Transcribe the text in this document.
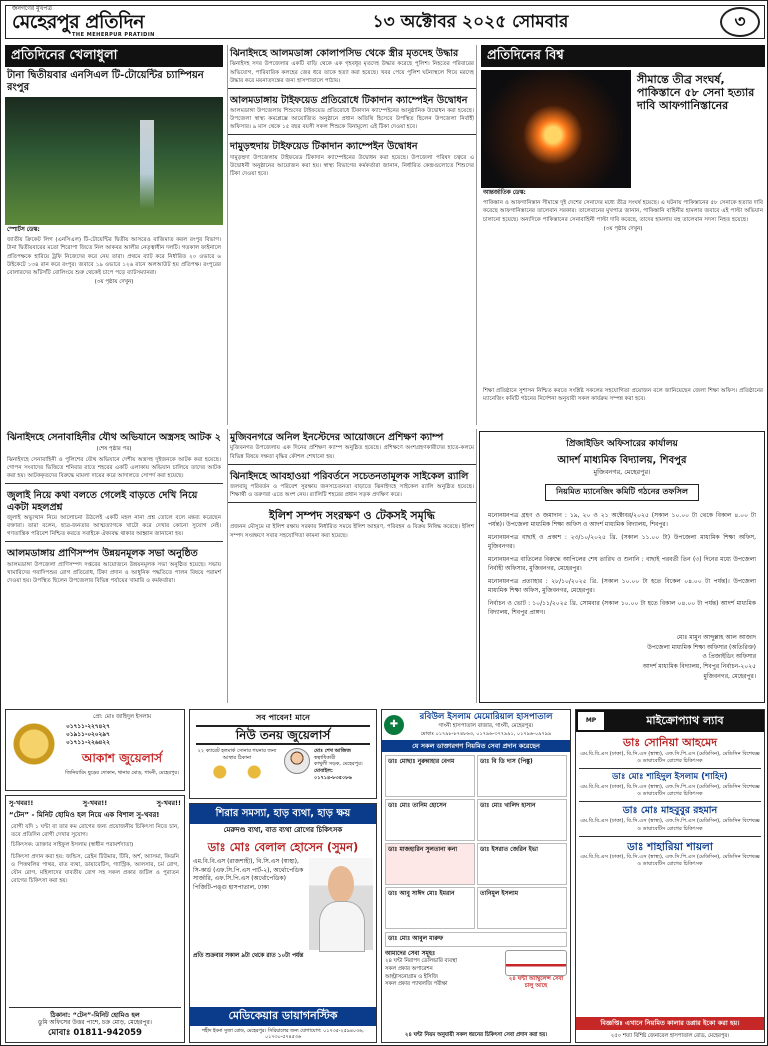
জনগণের মুখপত্র
মেহেরপুর প্রতিদিন
THE MEHERPUR PRATIDIN
১৩ অক্টোবর ২০২৫ সোমবার	৩
প্রতিদিনের খেলাধুলা
টানা দ্বিতীয়বার এনসিএল টি-টোয়েন্টির চ্যাম্পিয়ন রংপুর
স্পোর্টস ডেস্ক:
জাতীয় ক্রিকেট লিগ (এনসিএল) টি-টোয়েন্টির দ্বিতীয় আসরেও বাজিমাত করল রংপুর বিভাগ। টানা দ্বিতীয়বারের মতো শিরোপা জিতে নিল আকবর আলীর নেতৃত্বাধীন দলটি। গতকাল ফাইনালে প্রতিপক্ষকে হারিয়ে ট্রফি নিজেদের করে নেয় তারা। প্রথমে ব্যাট করে নির্ধারিত ২০ ওভারে ৬ উইকেটে ১৩৪ রান করে রংপুর। জবাবে ১৯ ওভারে ১২৬ রানে অলআউট হয় প্রতিপক্ষ। রংপুরের বোলারদের আঁটসাঁট বোলিংয়ে শুরু থেকেই চাপে পড়ে ব্যাটসম্যানরা।
(৩য় পৃষ্ঠায় দেখুন)
ঝিনাইদহে আলমডাঙ্গা কোলাপসিভ থেকে স্ত্রীর মৃতদেহ উদ্ধার
ঝিনাইদহ সদর উপজেলার একটি বাড়ি থেকে এক গৃহবধূর মৃতদেহ উদ্ধার করেছে পুলিশ। নিহতের পরিবারের অভিযোগ, পারিবারিক কলহের জের ধরে তাকে হত্যা করা হয়েছে। খবর পেয়ে পুলিশ ঘটনাস্থলে গিয়ে মরদেহ উদ্ধার করে ময়নাতদন্তের জন্য হাসপাতালে পাঠায়।
আলমডাঙ্গায় টাইফয়েড প্রতিরোধে টিকাদান ক্যাম্পেইন উদ্বোধন
আলমডাঙ্গা উপজেলায় শিশুদের টাইফয়েড প্রতিরোধে টিকাদান ক্যাম্পেইনের আনুষ্ঠানিক উদ্বোধন করা হয়েছে। উপজেলা স্বাস্থ্য কমপ্লেক্সে আয়োজিত অনুষ্ঠানে প্রধান অতিথি হিসেবে উপস্থিত ছিলেন উপজেলা নির্বাহী অফিসার। ৯ মাস থেকে ১৫ বছর বয়সী সকল শিশুকে বিনামূল্যে এই টিকা দেওয়া হবে।
দামুড়হুদায় টাইফয়েড টিকাদান ক্যাম্পেইন উদ্বোধন
দামুড়হুদা উপজেলায় টাইফয়েড টিকাদান ক্যাম্পেইনের উদ্বোধন করা হয়েছে। উপজেলা পরিষদ চত্বরে এ উদ্বোধনী অনুষ্ঠানের আয়োজন করা হয়। স্বাস্থ্য বিভাগের কর্মকর্তারা জানান, নির্ধারিত কেন্দ্রগুলোতে শিশুদের টিকা দেওয়া হবে।
প্রতিদিনের বিশ্ব
সীমান্তে তীব্র সংঘর্ষ, পাকিস্তানে ৫৮ সেনা হত্যার দাবি আফগানিস্তানের
আন্তর্জাতিক ডেস্ক:
পাকিস্তান ও আফগানিস্তান সীমান্তে দুই দেশের সেনাদের মধ্যে তীব্র সংঘর্ষ হয়েছে। এ ঘটনায় পাকিস্তানের ৫৮ সেনাকে হত্যার দাবি করেছে আফগানিস্তানের তালেবান সরকার। তালেবানের মুখপাত্র জানান, পাকিস্তানি বাহিনীর হামলার জবাবে এই পাল্টা অভিযান চালানো হয়েছে। অন্যদিকে পাকিস্তানের সেনাবাহিনী পাল্টা দাবি করেছে, তাদের হামলায় বহু তালেবান সদস্য নিহত হয়েছে।
(৩য় পৃষ্ঠায় দেখুন)
ঝিনাইদহে সেনাবাহিনীর যৌথ অভিযানে অস্ত্রসহ আটক ২
(শেষ পৃষ্ঠার পর)
ঝিনাইদহে সেনাবাহিনী ও পুলিশের যৌথ অভিযানে দেশীয় অস্ত্রসহ দুইজনকে আটক করা হয়েছে। গোপন সংবাদের ভিত্তিতে শনিবার রাতে শহরের একটি এলাকায় অভিযান চালিয়ে তাদের আটক করা হয়। আটককৃতদের বিরুদ্ধে মামলা দায়ের করে আদালতে সোপর্দ করা হয়েছে।
জুলাই নিয়ে কথা বলতে গেলেই বাড়তে দেখি নিয়ে একটা মহলপ্রশ্ন
জুলাই অভ্যুত্থান নিয়ে আলোচনা উঠলেই একটি মহল নানা প্রশ্ন তোলে বলে মন্তব্য করেছেন বক্তারা। তারা বলেন, ছাত্র-জনতার আত্মত্যাগকে খাটো করে দেখার কোনো সুযোগ নেই। গণতান্ত্রিক পরিবেশ নিশ্চিত করতে সবাইকে ঐক্যবদ্ধ থাকার আহ্বান জানানো হয়।
আলমডাঙ্গায় প্রাণিসম্পদ উন্নয়নমূলক সভা অনুষ্ঠিত
আলমডাঙ্গা উপজেলা প্রাণিসম্পদ দপ্তরের আয়োজনে উন্নয়নমূলক সভা অনুষ্ঠিত হয়েছে। সভায় খামারিদের গবাদিপশুর রোগ প্রতিরোধ, টিকা প্রদান ও আধুনিক পদ্ধতিতে পালন বিষয়ে পরামর্শ দেওয়া হয়। উপস্থিত ছিলেন উপজেলার বিভিন্ন পর্যায়ের খামারি ও কর্মকর্তারা।
মুজিবনগরে অনিল ইনস্টেদের আয়োজনে প্রশিক্ষণ ক্যাম্প
মুজিবনগর উপজেলায় এক দিনের প্রশিক্ষণ ক্যাম্প অনুষ্ঠিত হয়েছে। প্রশিক্ষণে অংশগ্রহণকারীদের হাতে-কলমে বিভিন্ন বিষয়ে দক্ষতা বৃদ্ধির কৌশল শেখানো হয়।
ঝিনাইদহে আবহাওয়া পরিবর্তনে সচেতনতামূলক সাইকেল র‍্যালি
জলবায়ু পরিবর্তন ও পরিবেশ সুরক্ষায় জনসচেতনতা বাড়াতে ঝিনাইদহে সাইকেল র‍্যালি অনুষ্ঠিত হয়েছে। শিক্ষার্থী ও তরুণরা এতে অংশ নেয়। র‍্যালিটি শহরের প্রধান সড়ক প্রদক্ষিণ করে।
ইলিশ সম্পদ সংরক্ষণ ও টেকসই সমৃদ্ধি
প্রজনন মৌসুমে মা ইলিশ রক্ষায় সরকার নির্ধারিত সময়ে ইলিশ আহরণ, পরিবহন ও বিক্রয় নিষিদ্ধ করেছে। ইলিশ সম্পদ সংরক্ষণে সবার সহযোগিতা কামনা করা হয়েছে।
শিক্ষা প্রতিষ্ঠানে সুশাসন নিশ্চিত করতে সংশ্লিষ্ট সকলের সহযোগিতা প্রয়োজন বলে জানিয়েছেন জেলা শিক্ষা অফিস। প্রতিষ্ঠানের ম্যানেজিং কমিটি গঠনের নির্দেশনা অনুযায়ী সকল কার্যক্রম সম্পন্ন করা হবে।
প্রিজাইডিং অফিসারের কার্যালয়
আদর্শ মাধ্যমিক বিদ্যালয়, শিবপুর
মুজিবনগর, মেহেরপুর।
নিয়মিত ম্যানেজিং কমিটি গঠনের তফসিল
মনোনয়নপত্র গ্রহণ ও জমাদান : ১৯, ২০ ও ২১ অক্টোবর/২০২৫ (সকাল ১০.০০ টা থেকে বিকাল ৪.০০ টা পর্যন্ত)। উপজেলা মাধ্যমিক শিক্ষা অফিস ও আদর্শ মাধ্যমিক বিদ্যালয়, শিবপুর।
মনোনয়নপত্র বাছাই ও প্রকাশ : ২৩/১০/২০২৫ খ্রি. (সকাল ১১.০০ টা) উপজেলা মাধ্যমিক শিক্ষা অফিস, মুজিবনগর।
মনোনয়নপত্র বাতিলের বিরুদ্ধে আপিলের শেষ তারিখ ও শুনানি : বাছাই পরবর্তী তিন (৩) দিনের মধ্যে উপজেলা নির্বাহী অফিসার, মুজিবনগর, মেহেরপুর।
মনোনয়নপত্র প্রত্যাহার : ২৮/১০/২০২৫ খ্রি. (সকাল ১০.০০ টা হতে বিকেল ০৪.০০ টা পর্যন্ত)। উপজেলা মাধ্যমিক শিক্ষা অফিস, মুজিবনগর, মেহেরপুর।
নির্বাচন ও ভোট : ১০/১১/২০২৫ খ্রি. সোমবার (সকাল ১০.০০ টা হতে বিকাল ০৪.০০ টা পর্যন্ত) আদর্শ মাধ্যমিক বিদ্যালয়, শিবপুর প্রাঙ্গণ।
মোঃ মামুন আব্দুল্লাহ আল আজাদ
উপজেলা মাধ্যমিক শিক্ষা অফিসার (অতিরিক্ত)
ও প্রিজাইডিং অফিসার
আদর্শ মাধ্যমিক বিদ্যালয়, শিবপুর নির্বাচন-২০২৫
মুজিবনগর, মেহেরপুর।
প্রো: মোঃ জাহিদুল ইসলাম
০১৭১১-২২৭৪২৭
০১৯১১-০২০২৯৭
০১৭১১-২২৬৪২২
আকাশ জুয়েলার্স
জিনিয়ারিং ছুড়ের দোকান, থানার মোড়, গাংনী, মেহেরপুর।
সু-খবর!!	সু-খবর!!	সু-খবর!!
“টেন” - মিনিট হোমিও হল নিয়ে এক বিশাল সু-খবর!
রোগী যদি ১ ঘন্টা বা তার কম রোগের জন্য প্রয়োজনীয় চিকিৎসা নিতে চান, তবে প্রতিদিন রোগী দেখার সুযোগ।
চিকিৎসক: ডাক্তার সাইফুল ইসলাম (স্বাধীন পরামর্শদাতা)
চিকিৎসা প্রদান করা হয়: জন্ডিস, ব্রেইন টিউমার, টিবি, অর্শ, অ্যাসমা, কিডনি ও পিত্তথলির পাথর, বাত ব্যথা, ডায়াবেটিস, গ্যাস্ট্রিক, আলসার, চর্ম রোগ, যৌন রোগ, মহিলাদের যাবতীয় রোগ সহ সকল প্রকার জটিল ও পুরাতন রোগের চিকিৎসা করা হয়।
ঠিকানা: “টেন”-মিনিট হোমিও হল
ডুমি অফিসের উত্তর পাশে, চক্র মোড়, মেহেরপুর।
মোবাঃ 01811-942059
সব পাবেন! মানে
নিউ তনয় জুয়েলার্স
২২ ক্যারেট হলমার্ক সোনার গয়নার জন্য আস্থার ঠিকানা
মোঃ শেখ আজিজ
স্বত্বাধিকারী
কাথুলী সড়ক, মেহেরপুর।
মোবাইল: ০১৭১৪-৮৩৫০৮৬
শিরার সমস্যা, হাড় ব্যথা, হাড় ক্ষয়
মেরুদণ্ড ব্যথা, বাত ব্যথা রোগের চিকিৎসক
ডাঃ মোঃ বেলাল হোসেন (সুমন)
এম.বি.বি.এস (রাজশাহী), বি.সি.এস (স্বাস্থ্য), সি-কার্ড (এফ.সি.পি.এস পার্ট-২), অর্থোপেডিক সার্জারি, এফ.সি.পি.এস (অর্থোপেডিক) পিজিটি-পঙ্গু হাসপাতাল, ঢাকা
প্রতি শুক্রবার সকাল ৯টা থেকে রাত ১০টা পর্যন্ত
মেডিকেয়ার ডায়াগনস্টিক
শহীদ ইবনা সুজা রোড, মেহেরপুর। সিরিয়ালের জন্য যোগাযোগ: ০১৭৩৫-২৫৯৪০৩৬, ০১৭৩০-৫৭৪৫৩৬
✚
রবিউল ইসলাম মেমোরিয়াল হাসপাতাল
গাংনী হাসপাতাল বাজার, গাংনী, মেহেরপুর।
মোবাঃ ০১৭৯৮-৮৭৪৮৬৩, ০১৭৯৬-৩৭৭৯৯১, ০১৭৯৬-০৯৭৯৯
যে সকল ডাক্তারগণ নিয়মিত সেবা প্রদান করেছেন
ডাঃ মোছাঃ নুরুন্নাহার বেগম	ডাঃ বি ডি দাস (পিঙ্কু)
ডাঃ মোঃ তানিম হোসেন	ডাঃ মোঃ খালিদ হাসান
ডাঃ মাজহারিন সুলতানা কনা	ডাঃ ইসরাত জেরিন ইভা
ডাঃ আবু সাঈদ মোঃ ইমরান	তানিমুল ইসলাম
ডাঃ মোঃ আবুল মারুফ
আমাদের সেবা সমূহঃ
২৪ ঘন্টা নিরাপদ ডেলিভারি ব্যবস্থা
সকল প্রকার অপারেশন
আল্ট্রাসনোগ্রাম ও ইসিজি
সকল প্রকার প্যাথলজি পরীক্ষা
২৪ ঘন্টা অ্যাম্বুলেন্স সেবা চালু আছে
২৪ ঘন্টা নিয়ম অনুযায়ী সকল ধরনের চিকিৎসা সেবা প্রদান করা হয়।
MP	মাইক্রোপ্যাথ ল্যাব
ডাঃ সোনিয়া আহমেদ
এম.বি.বি.এস (ঢাকা), বি.সি.এস (স্বাস্থ্য), এফ.সি.পি.এস (মেডিসিন), মেডিসিন বিশেষজ্ঞ ও ডায়াবেটিস রোগের চিকিৎসক
ডাঃ মোঃ শাহিদুল ইসলাম (শাহিদ)
এম.বি.বি.এস (ঢাকা), বি.সি.এস (স্বাস্থ্য), এফ.সি.পি.এস (মেডিসিন), মেডিসিন বিশেষজ্ঞ ও ডায়াবেটিস রোগের চিকিৎসক
ডাঃ মোঃ মাহবুবুর রহমান
এম.বি.বি.এস (ঢাকা), বি.সি.এস (স্বাস্থ্য), এফ.সি.পি.এস (মেডিসিন), মেডিসিন বিশেষজ্ঞ ও ডায়াবেটিস রোগের চিকিৎসক
ডাঃ শাহারিয়া শায়লা
এম.বি.বি.এস (ঢাকা), বি.সি.এস (স্বাস্থ্য), এফ.সি.পি.এস (মেডিসিন), মেডিসিন বিশেষজ্ঞ ও ডায়াবেটিস রোগের চিকিৎসক
বিজ্ঞপ্তিঃ এখানে নিয়মিত কালার ডপ্লার ইকো করা হয়।
২৫০ শয্যা বিশিষ্ট জেনারেল হাসপাতাল রোড, মেহেরপুর।
